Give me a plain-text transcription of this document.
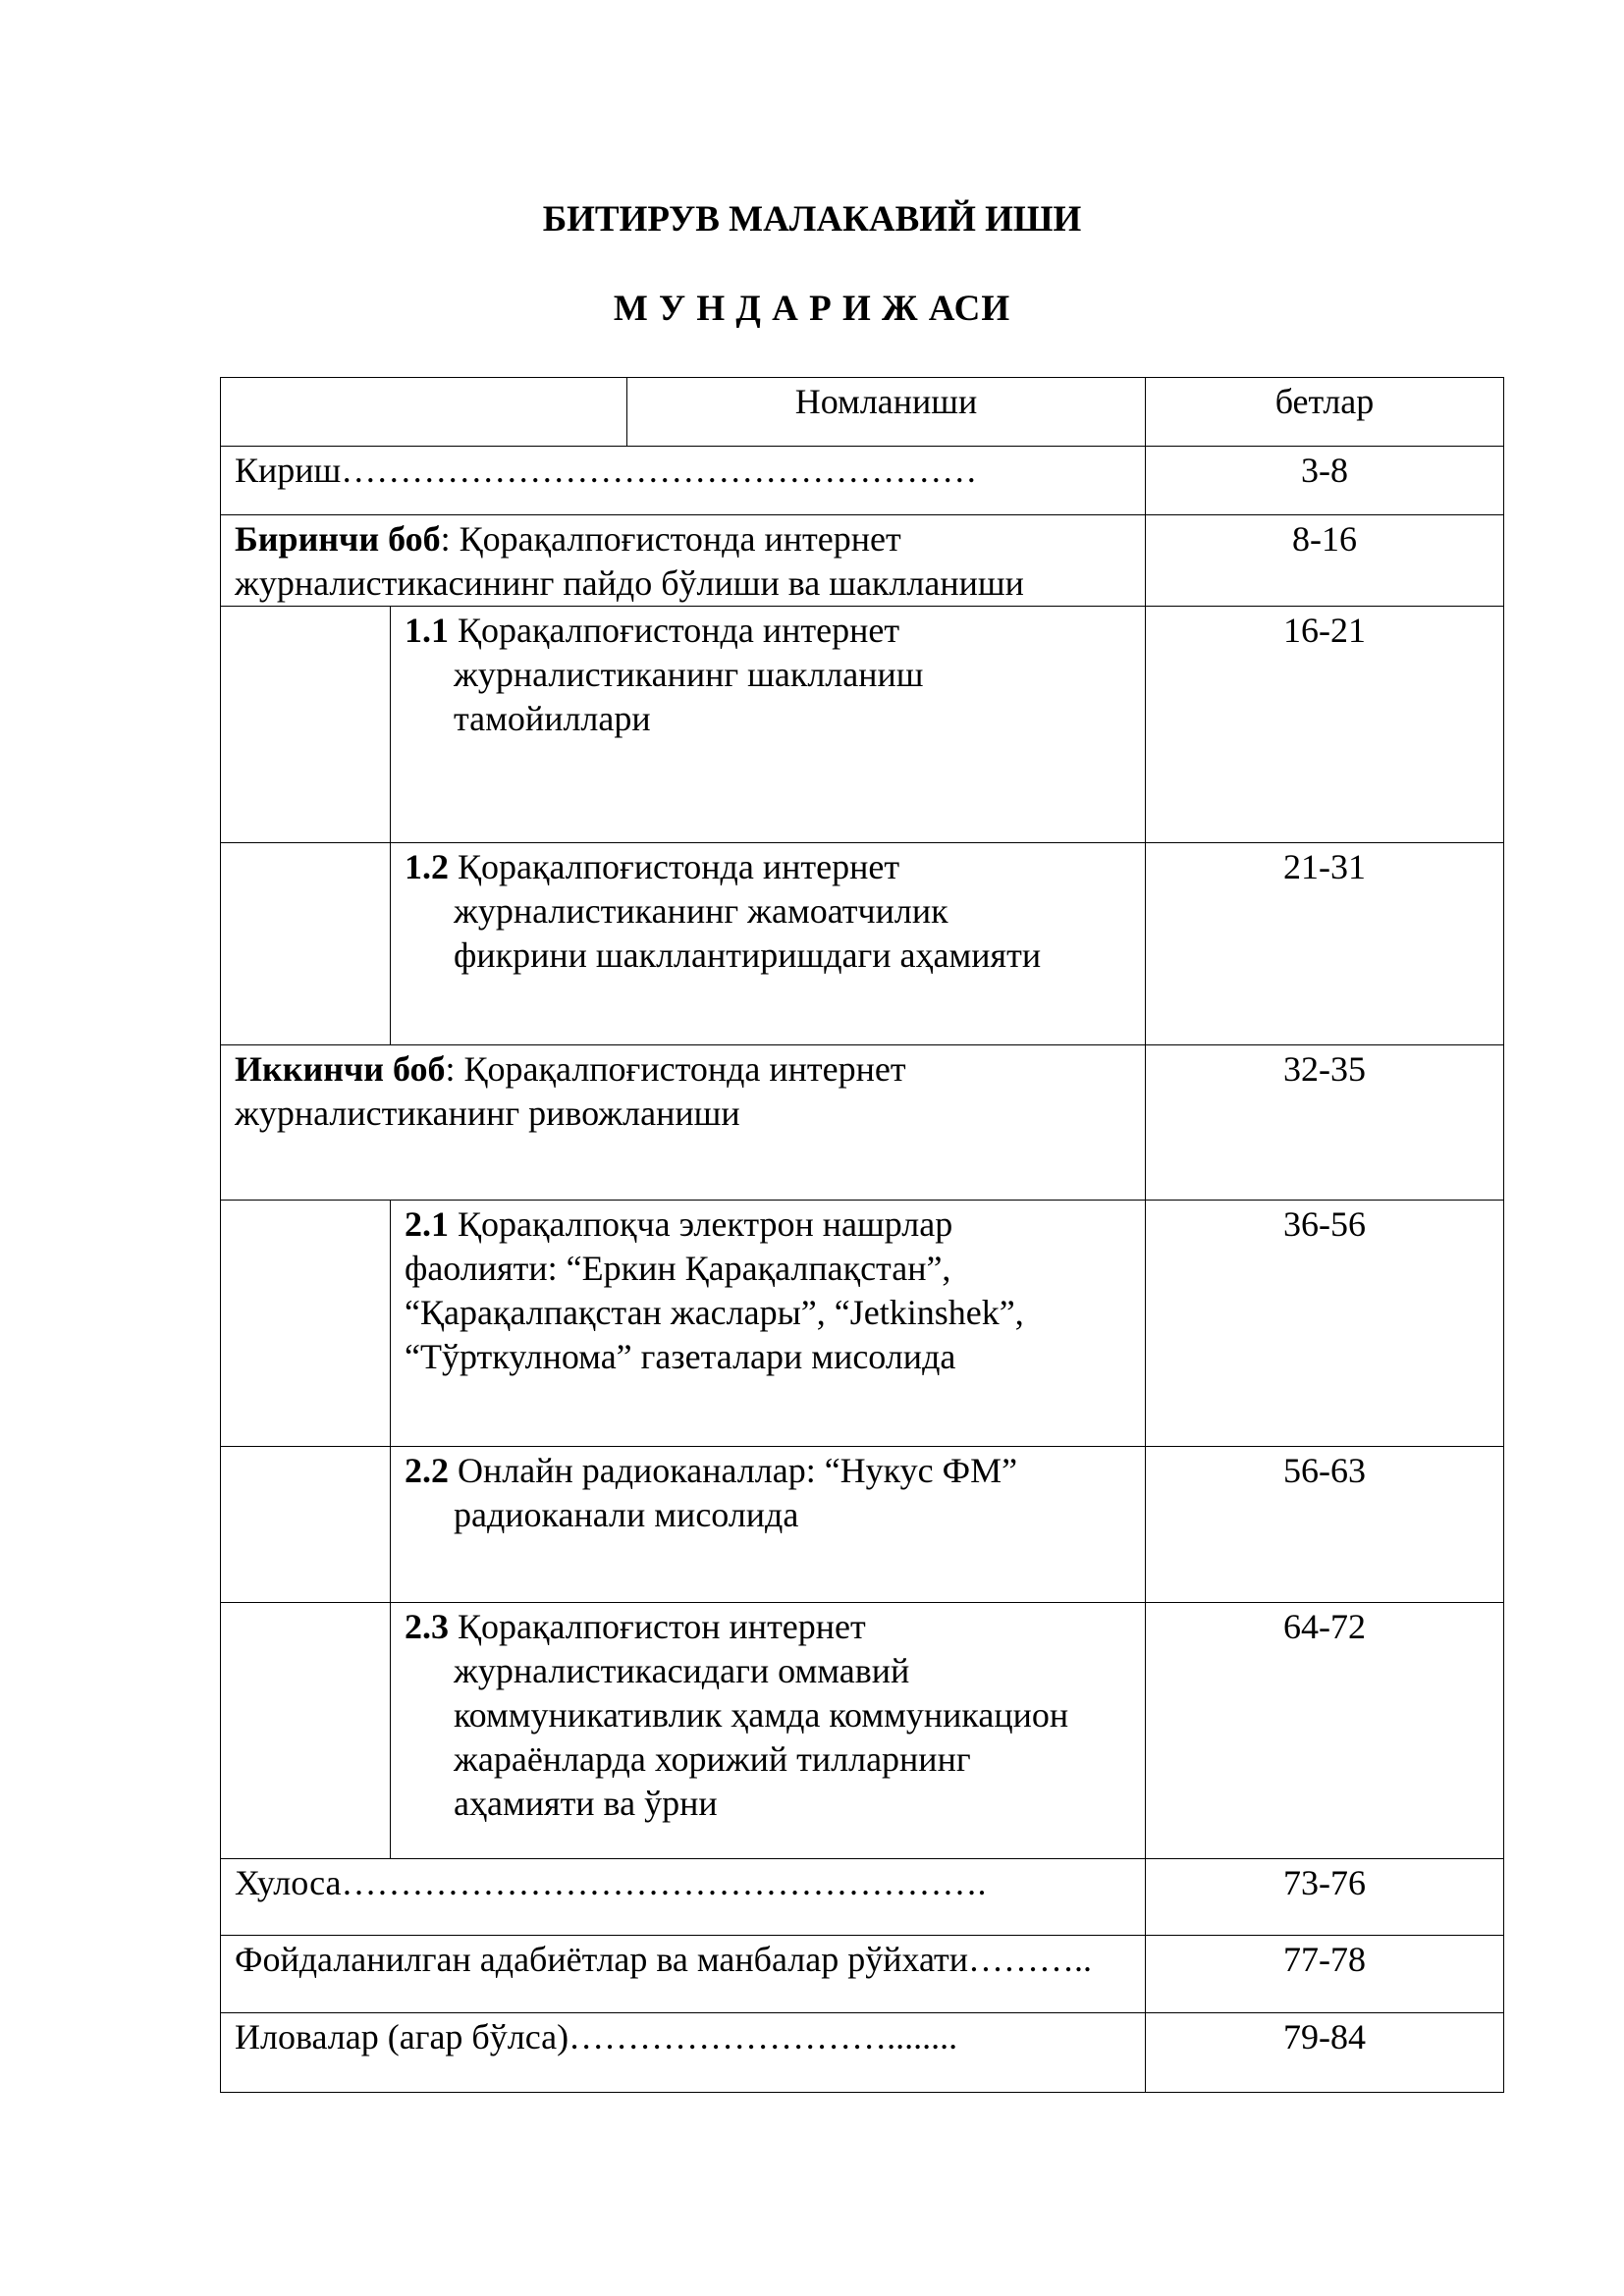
БИТИРУВ МАЛАКАВИЙ ИШИ
М У Н Д А Р И Ж АСИ

		Номланиши	бетлар

Кириш………………………………………………			3-8

Биринчи боб: Қорақалпоғистонда интернет журналистикасининг пайдо бўлиши ва шаклланиши			8-16

	1.1 Қорақалпоғистонда интернет
журналистиканинг шаклланиш
тамойиллари		16-21

	1.2 Қорақалпоғистонда интернет
журналистиканинг жамоатчилик
фикрини шакллантиришдаги аҳамияти		21-31

Иккинчи боб: Қорақалпоғистонда интернет журналистиканинг ривожланиши			32-35

	2.1 Қорақалпоқча электрон нашрлар
фаолияти: “Еркин Қарақалпақстан”,
“Қарақалпақстан жаслары”, “Jetkinshek”,
“Тўрткулнома” газеталари мисолида		36-56

	2.2 Онлайн радиоканаллар: “Нукус ФМ”
радиоканали мисолида		56-63

	2.3 Қорақалпоғистон интернет
журналистикасидаги оммавий
коммуникативлик ҳамда коммуникацион
жараёнларда хорижий тилларнинг
аҳамияти ва ўрни		64-72

Хулоса……………………………………………….			73-76

Фойдаланилган адабиётлар ва манбалар рўйхати………..			77-78

Иловалар (агар бўлса)………………………........			79-84
